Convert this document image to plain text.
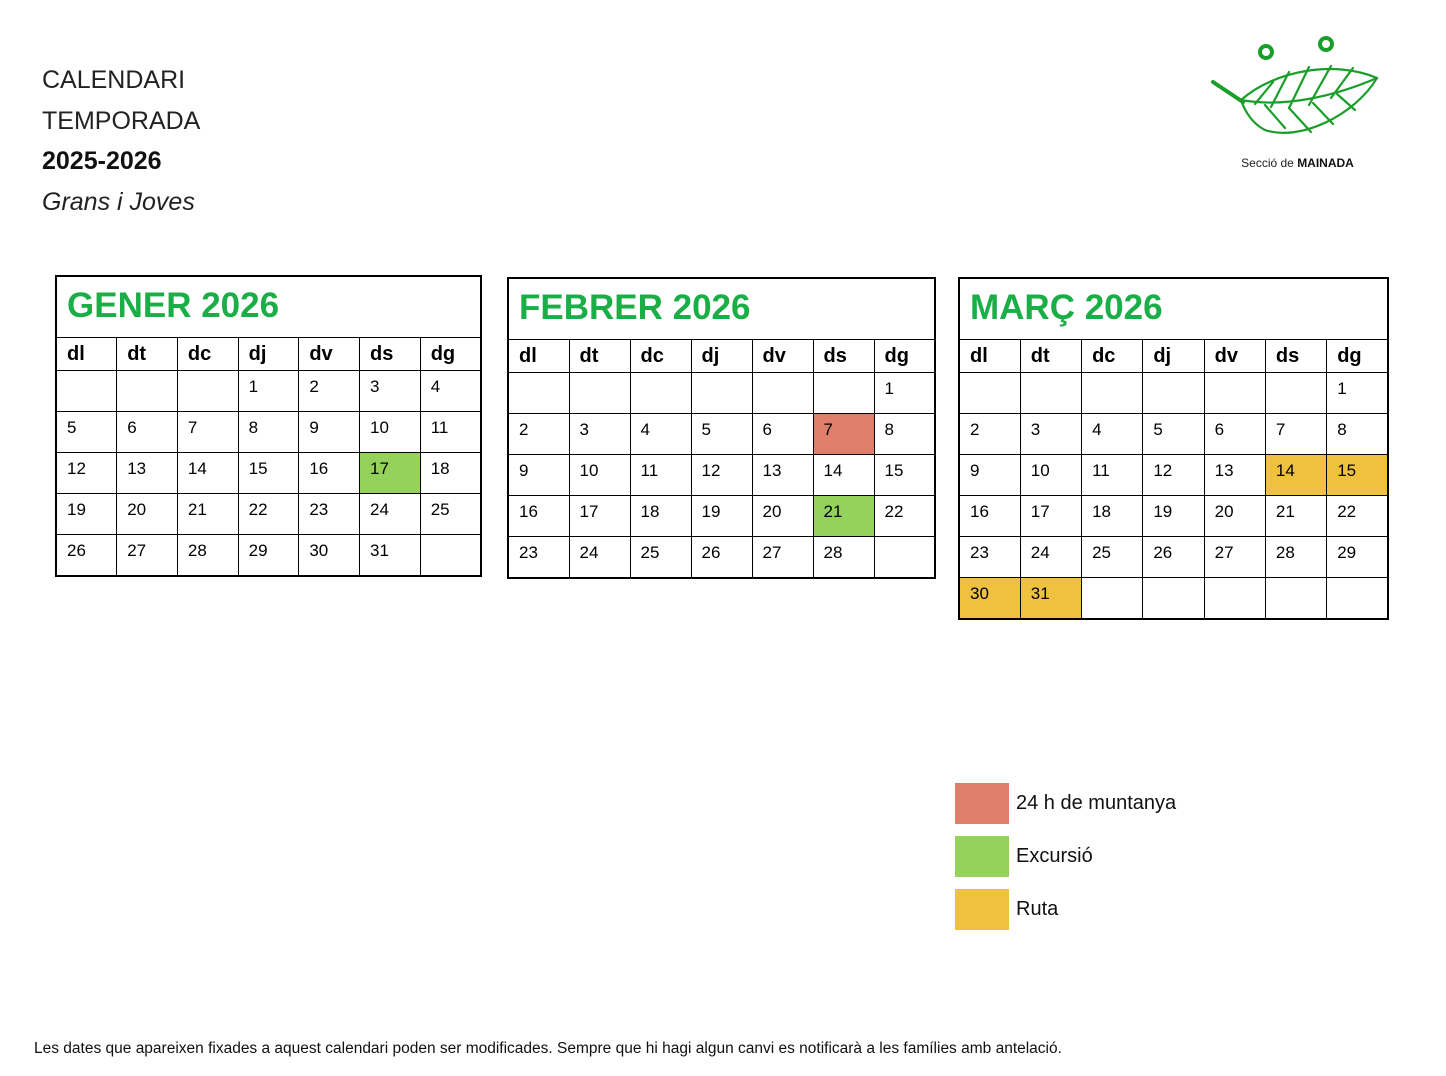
CALENDARI
TEMPORADA
2025-2026
Grans i Joves
Secció de MAINADA
GENER 2026						
dl	dt	dc	dj	dv	ds	dg
			1	2	3	4
5	6	7	8	9	10	11
12	13	14	15	16	17	18
19	20	21	22	23	24	25
26	27	28	29	30	31	
FEBRER 2026						
dl	dt	dc	dj	dv	ds	dg
						1
2	3	4	5	6	7	8
9	10	11	12	13	14	15
16	17	18	19	20	21	22
23	24	25	26	27	28	
MARÇ 2026						
dl	dt	dc	dj	dv	ds	dg
						1
2	3	4	5	6	7	8
9	10	11	12	13	14	15
16	17	18	19	20	21	22
23	24	25	26	27	28	29
30	31					
24 h de muntanya
Excursió
Ruta
Les dates que apareixen fixades a aquest calendari poden ser modificades. Sempre que hi hagi algun canvi es notificarà a les famílies amb antelació.
